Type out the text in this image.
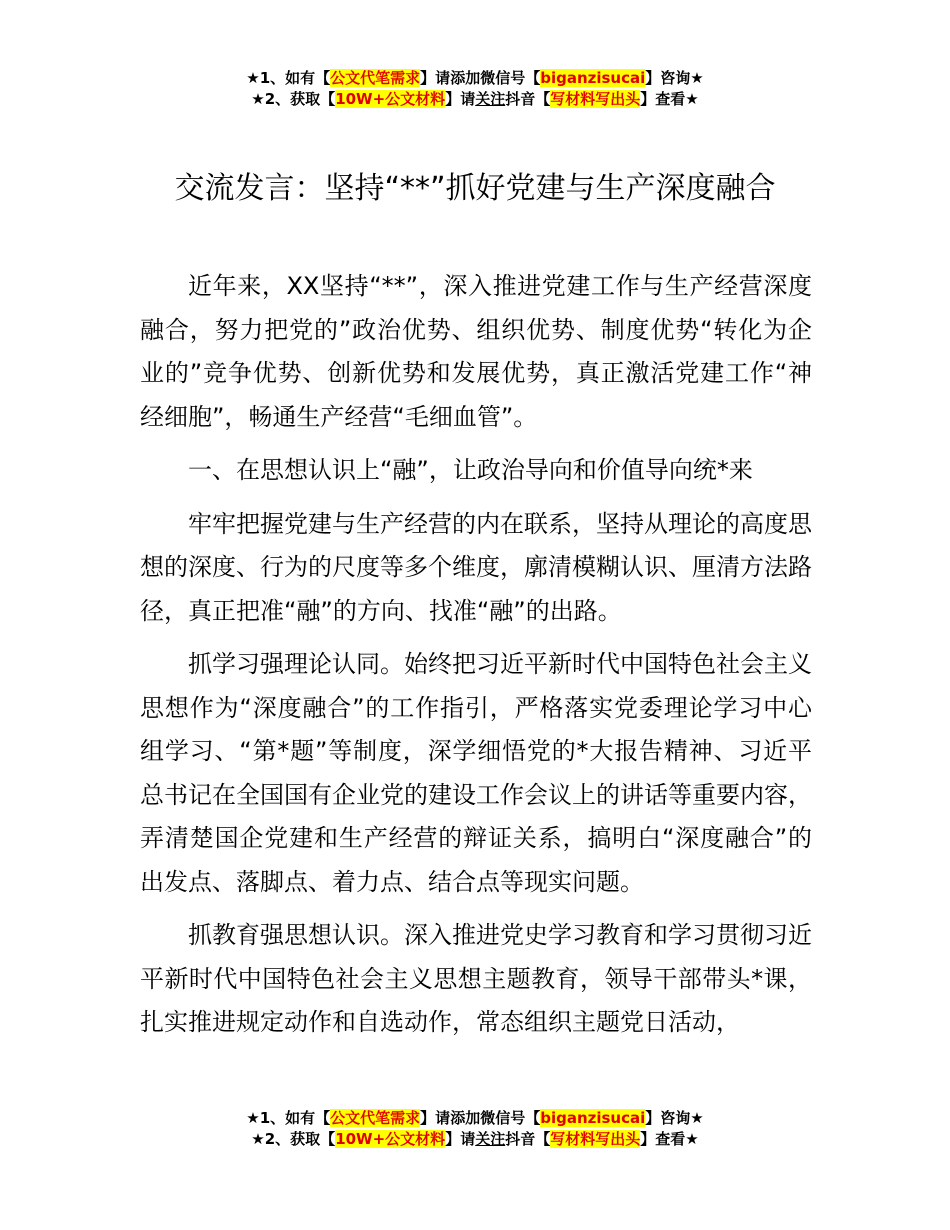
★1、如有【公文代笔需求】请添加微信号【biganzisucai】咨询★
★2、获取【10W+公文材料】请关注抖音【写材料写出头】查看★
交流发言：坚持“**”抓好党建与生产深度融合

近年来，XX坚持“**”，深入推进党建工作与生产经营深度融合，努力把党的”政治优势、组织优势、制度优势“转化为企业的”竞争优势、创新优势和发展优势，真正激活党建工作“神经细胞”，畅通生产经营“毛细血管”。

一、在思想认识上“融”，让政治导向和价值导向统*来

牢牢把握党建与生产经营的内在联系，坚持从理论的高度思想的深度、行为的尺度等多个维度，廓清模糊认识、厘清方法路径，真正把准“融”的方向、找准“融”的出路。

抓学习强理论认同。始终把习近平新时代中国特色社会主义思想作为“深度融合”的工作指引，严格落实党委理论学习中心组学习、“第*题”等制度，深学细悟党的*大报告精神、习近平总书记在全国国有企业党的建设工作会议上的讲话等重要内容，弄清楚国企党建和生产经营的辩证关系，搞明白“深度融合”的出发点、落脚点、着力点、结合点等现实问题。

抓教育强思想认识。深入推进党史学习教育和学习贯彻习近平新时代中国特色社会主义思想主题教育，领导干部带头*课，扎实推进规定动作和自选动作，常态组织主题党日活动，

★1、如有【公文代笔需求】请添加微信号【biganzisucai】咨询★
★2、获取【10W+公文材料】请关注抖音【写材料写出头】查看★
